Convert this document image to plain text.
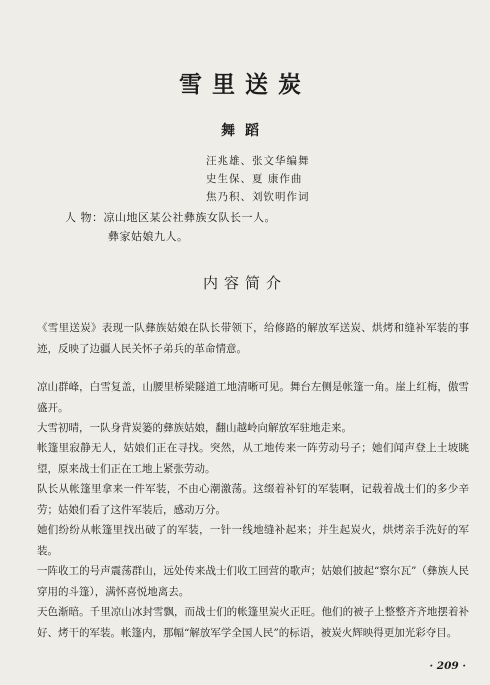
雪里送炭
舞蹈
汪兆雄、张文华编舞
史生保、夏 康作曲
焦乃积、刘钦明作词
人 物：凉山地区某公社彝族女队长一人。
彝家姑娘九人。
内容简介
《雪里送炭》表现一队彝族姑娘在队长带领下，给修路的解放军送炭、烘烤和缝补军装的事迹，反映了边疆人民关怀子弟兵的革命情意。
凉山群峰，白雪复盖，山腰里桥梁隧道工地清晰可见。舞台左侧是帐篷一角。崖上红梅，傲雪盛开。
大雪初晴，一队身背炭篓的彝族姑娘，翻山越岭向解放军驻地走来。
帐篷里寂静无人，姑娘们正在寻找。突然，从工地传来一阵劳动号子；她们闻声登上土坡眺望，原来战士们正在工地上紧张劳动。
队长从帐篷里拿来一件军装，不由心潮激荡。这缀着补钉的军装啊，记载着战士们的多少辛劳；姑娘们看了这件军装后，感动万分。
她们纷纷从帐篷里找出破了的军装，一针一线地缝补起来；并生起炭火，烘烤亲手洗好的军装。
一阵收工的号声震荡群山，远处传来战士们收工回营的歌声；姑娘们披起“察尔瓦”（彝族人民穿用的斗篷），满怀喜悦地离去。
天色渐暗。千里凉山冰封雪飘，而战士们的帐篷里炭火正旺。他们的被子上整整齐齐地摆着补好、烤干的军装。帐篷内，那幅“解放军学全国人民”的标语，被炭火辉映得更加光彩夺目。
· 209 ·
